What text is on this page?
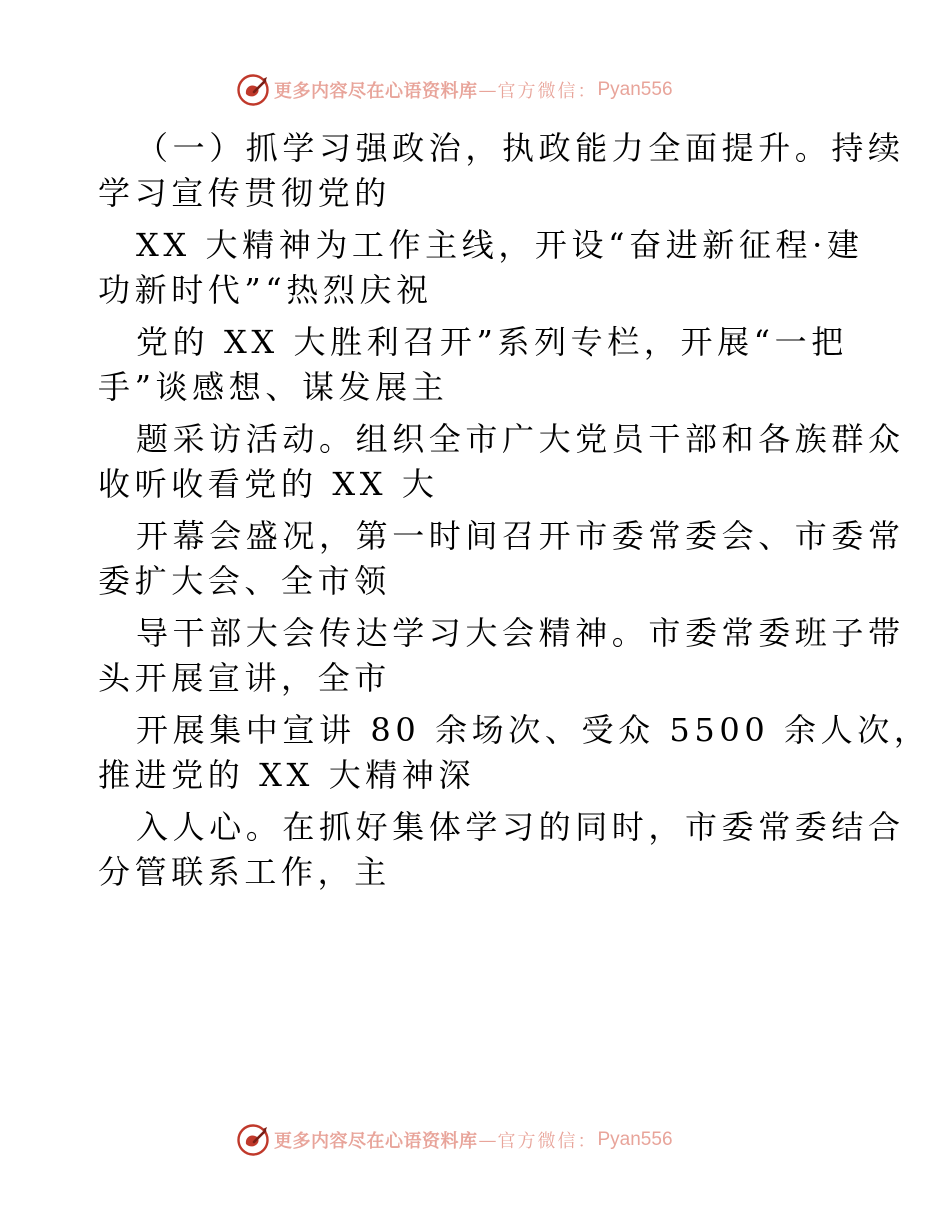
更多内容尽在心语资料库 — 官方微信： Pyan556
（一）抓学习强政治，执政能力全面提升。持续
学习宣传贯彻党的
XX 大精神为工作主线，开设“奋进新征程·建
功新时代”“热烈庆祝
党的 XX 大胜利召开”系列专栏，开展“一把
手”谈感想、谋发展主
题采访活动。组织全市广大党员干部和各族群众
收听收看党的 XX 大
开幕会盛况，第一时间召开市委常委会、市委常
委扩大会、全市领
导干部大会传达学习大会精神。市委常委班子带
头开展宣讲，全市
开展集中宣讲 80 余场次、受众 5500 余人次，
推进党的 XX 大精神深
入人心。在抓好集体学习的同时，市委常委结合
分管联系工作，主
更多内容尽在心语资料库 — 官方微信： Pyan556
